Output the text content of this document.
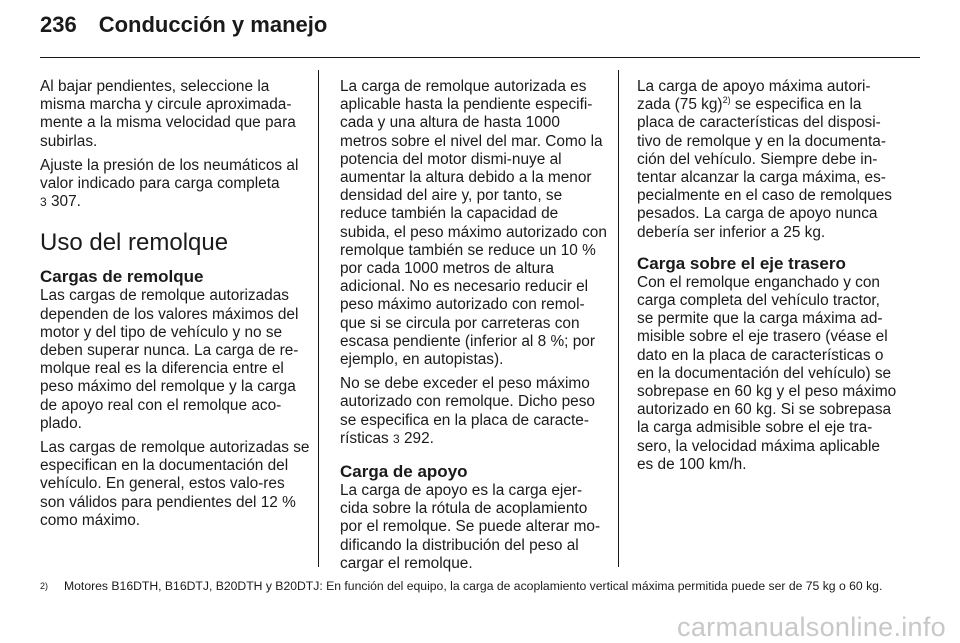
236 Conducción y manejo

Al bajar pendientes, seleccione la misma marcha y circule aproximada-mente a la misma velocidad que para subirlas.

Ajuste la presión de los neumáticos al valor indicado para carga completa
3 307.

Uso del remolque
Cargas de remolque

Las cargas de remolque autorizadas dependen de los valores máximos del motor y del tipo de vehículo y no se deben superar nunca. La carga de re-molque real es la diferencia entre el peso máximo del remolque y la carga de apoyo real con el remolque aco-plado.

Las cargas de remolque autorizadas se especifican en la documentación del vehículo. En general, estos valo-res son válidos para pendientes del 12 % como máximo.

La carga de remolque autorizada es aplicable hasta la pendiente especifi-cada y una altura de hasta 1000 metros sobre el nivel del mar. Como la potencia del motor dismi-nuye al aumentar la altura debido a la menor densidad del aire y, por tanto, se reduce también la capacidad de subida, el peso máximo autorizado con remolque también se reduce un 10 % por cada 1000 metros de altura adicional. No es necesario reducir el peso máximo autorizado con remol-que si se circula por carreteras con escasa pendiente (inferior al 8 %; por ejemplo, en autopistas).

No se debe exceder el peso máximo autorizado con remolque. Dicho peso se especifica en la placa de caracte-rísticas 3 292.

Carga de apoyo

La carga de apoyo es la carga ejer-cida sobre la rótula de acoplamiento por el remolque. Se puede alterar mo-dificando la distribución del peso al cargar el remolque.

La carga de apoyo máxima autori-zada (75 kg)$^{2)}$ se especifica en la placa de características del disposi-tivo de remolque y en la documenta-ción del vehículo. Siempre debe in-tentar alcanzar la carga máxima, es-pecialmente en el caso de remolques pesados. La carga de apoyo nunca debería ser inferior a 25 kg.

Carga sobre el eje trasero

Con el remolque enganchado y con carga completa del vehículo tractor, se permite que la carga máxima ad-misible sobre el eje trasero (véase el dato en la placa de características o en la documentación del vehículo) se sobrepase en 60 kg y el peso máximo autorizado en 60 kg. Si se sobrepasa la carga admisible sobre el eje tra-sero, la velocidad máxima aplicable es de 100 km/h.

2)	Motores B16DTH, B16DTJ, B20DTH y B20DTJ: En función del equipo, la carga de acoplamiento vertical máxima permitida puede ser de 75 kg o 60 kg.
carmanualsonline.info
